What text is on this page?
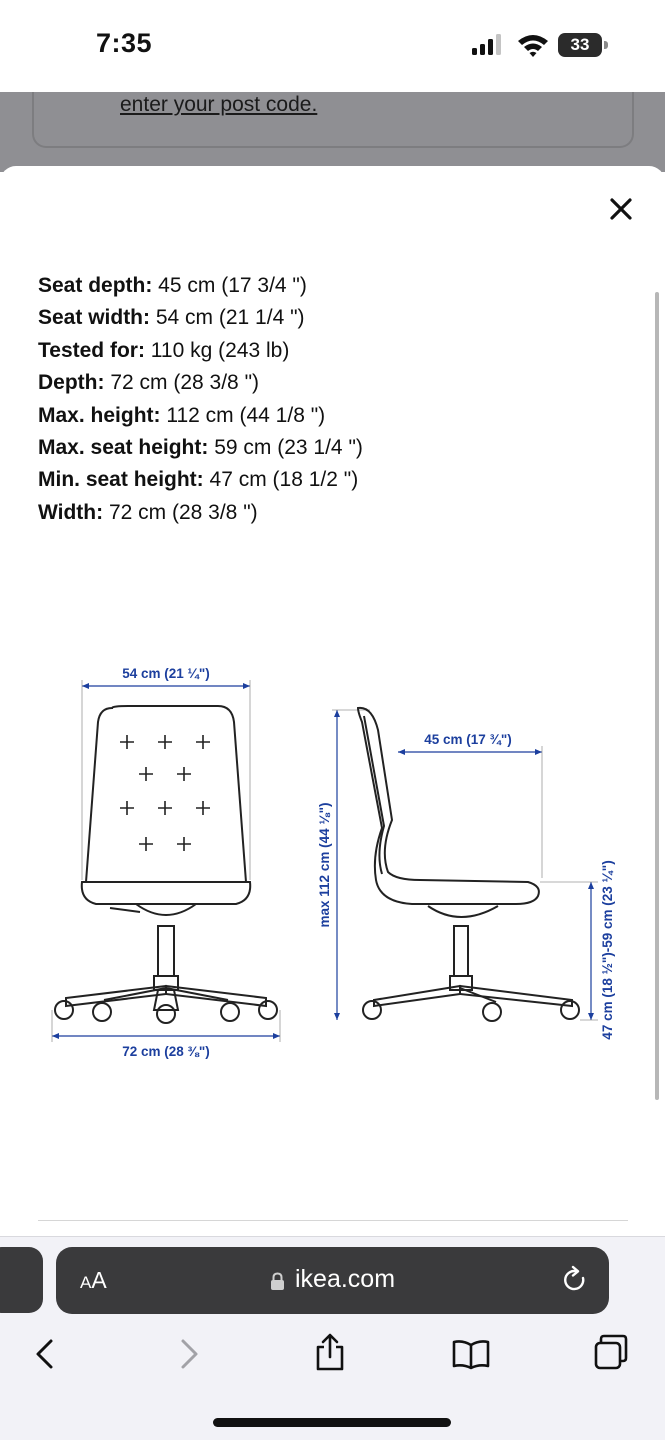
7:35	33
enter your post code.
Seat depth: 45 cm (17 3/4 ")
Seat width: 54 cm (21 1/4 ")
Tested for: 110 kg (243 lb)
Depth: 72 cm (28 3/8 ")
Max. height: 112 cm (44 1/8 ")
Max. seat height: 59 cm (23 1/4 ")
Min. seat height: 47 cm (18 1/2 ")
Width: 72 cm (28 3/8 ")
54 cm (21 ¼")
72 cm (28 ⅜")
45 cm (17 ¾")
max 112 cm (44 ⅛")	47 cm (18 ½")-59 cm (23 ¼")
AA	ikea.com
